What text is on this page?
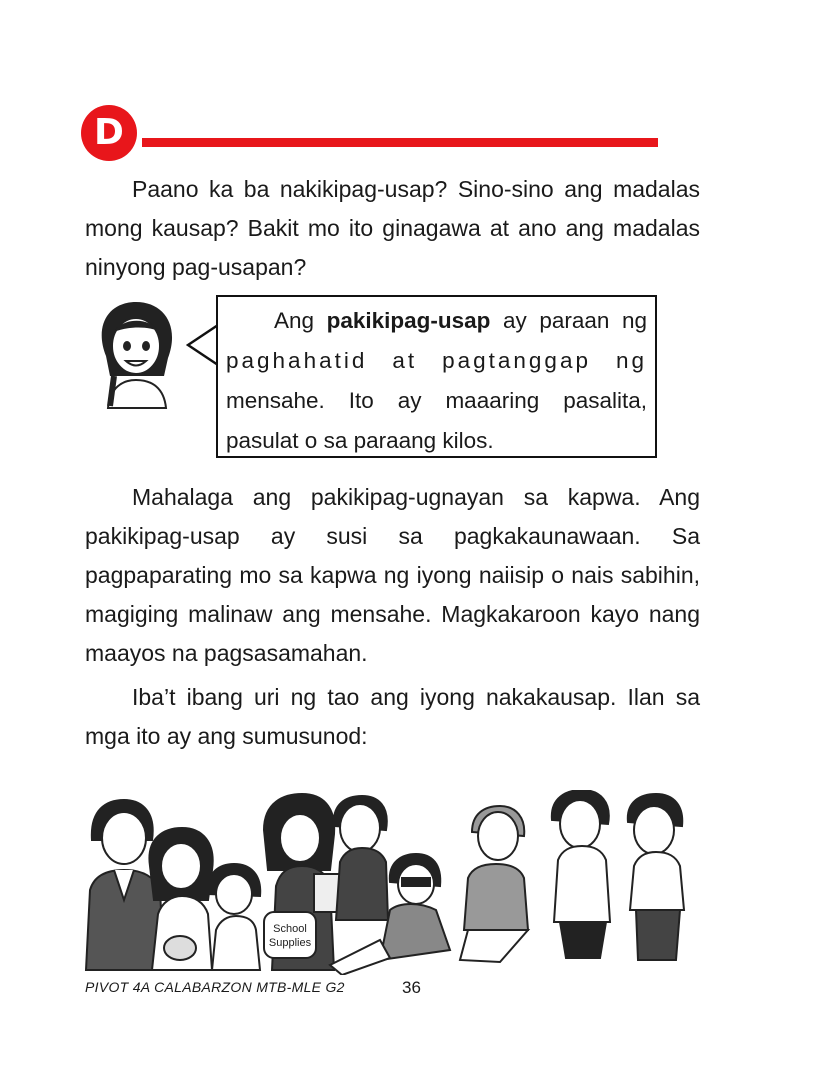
D

Paano ka ba nakikipag-usap? Sino-sino ang madalas mong kausap? Bakit mo ito ginagawa at ano ang madalas ninyong pag-usapan?

Ang pakikipag-usap ay paraan ng paghahatid at pagtanggap ng mensahe. Ito ay maaaring pasalita, pasulat o sa paraang kilos.

Mahalaga ang pakikipag-ugnayan sa kapwa. Ang pakikipag-usap ay susi sa pagkakaunawaan. Sa pagpaparating mo sa kapwa ng iyong naiisip o nais sabihin, magiging malinaw ang mensahe. Magkakaroon kayo nang maayos na pagsasamahan.

Iba’t ibang uri ng tao ang iyong nakakausap. Ilan sa mga ito ay ang sumusunod:

School
Supplies
PIVOT 4A CALABARZON MTB-MLE G2	36
